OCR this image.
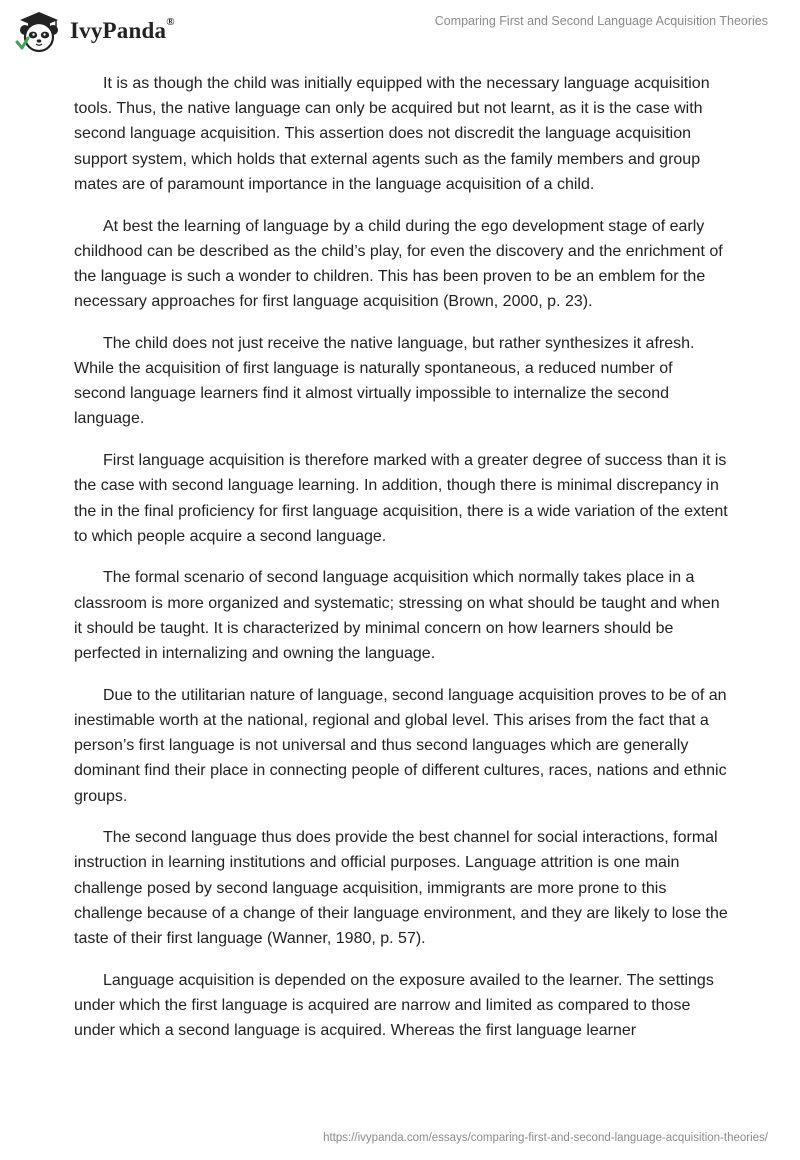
IvyPanda®	Comparing First and Second Language Acquisition Theories

It is as though the child was initially equipped with the necessary language acquisition tools. Thus, the native language can only be acquired but not learnt, as it is the case with second language acquisition. This assertion does not discredit the language acquisition support system, which holds that external agents such as the family members and group mates are of paramount importance in the language acquisition of a child.

At best the learning of language by a child during the ego development stage of early childhood can be described as the child’s play, for even the discovery and the enrichment of the language is such a wonder to children. This has been proven to be an emblem for the necessary approaches for first language acquisition (Brown, 2000, p. 23).

The child does not just receive the native language, but rather synthesizes it afresh. While the acquisition of first language is naturally spontaneous, a reduced number of second language learners find it almost virtually impossible to internalize the second language.

First language acquisition is therefore marked with a greater degree of success than it is the case with second language learning. In addition, though there is minimal discrepancy in the in the final proficiency for first language acquisition, there is a wide variation of the extent to which people acquire a second language.

The formal scenario of second language acquisition which normally takes place in a classroom is more organized and systematic; stressing on what should be taught and when it should be taught. It is characterized by minimal concern on how learners should be perfected in internalizing and owning the language.

Due to the utilitarian nature of language, second language acquisition proves to be of an inestimable worth at the national, regional and global level. This arises from the fact that a person’s first language is not universal and thus second languages which are generally dominant find their place in connecting people of different cultures, races, nations and ethnic groups.

The second language thus does provide the best channel for social interactions, formal instruction in learning institutions and official purposes. Language attrition is one main challenge posed by second language acquisition, immigrants are more prone to this challenge because of a change of their language environment, and they are likely to lose the taste of their first language (Wanner, 1980, p. 57).

Language acquisition is depended on the exposure availed to the learner. The settings under which the first language is acquired are narrow and limited as compared to those under which a second language is acquired. Whereas the first language learner

https://ivypanda.com/essays/comparing-first-and-second-language-acquisition-theories/
